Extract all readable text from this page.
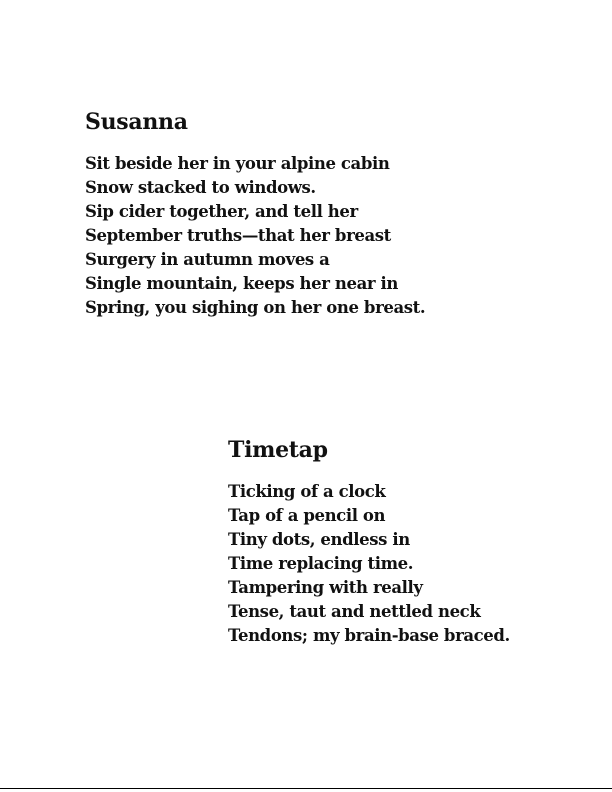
Susanna
Sit beside her in your alpine cabin
Snow stacked to windows.
Sip cider together, and tell her
September truths—that her breast
Surgery in autumn moves a
Single mountain, keeps her near in
Spring, you sighing on her one breast.
Timetap
Ticking of a clock
Tap of a pencil on
Tiny dots, endless in
Time replacing time.
Tampering with really
Tense, taut and nettled neck
Tendons; my brain-base braced.
